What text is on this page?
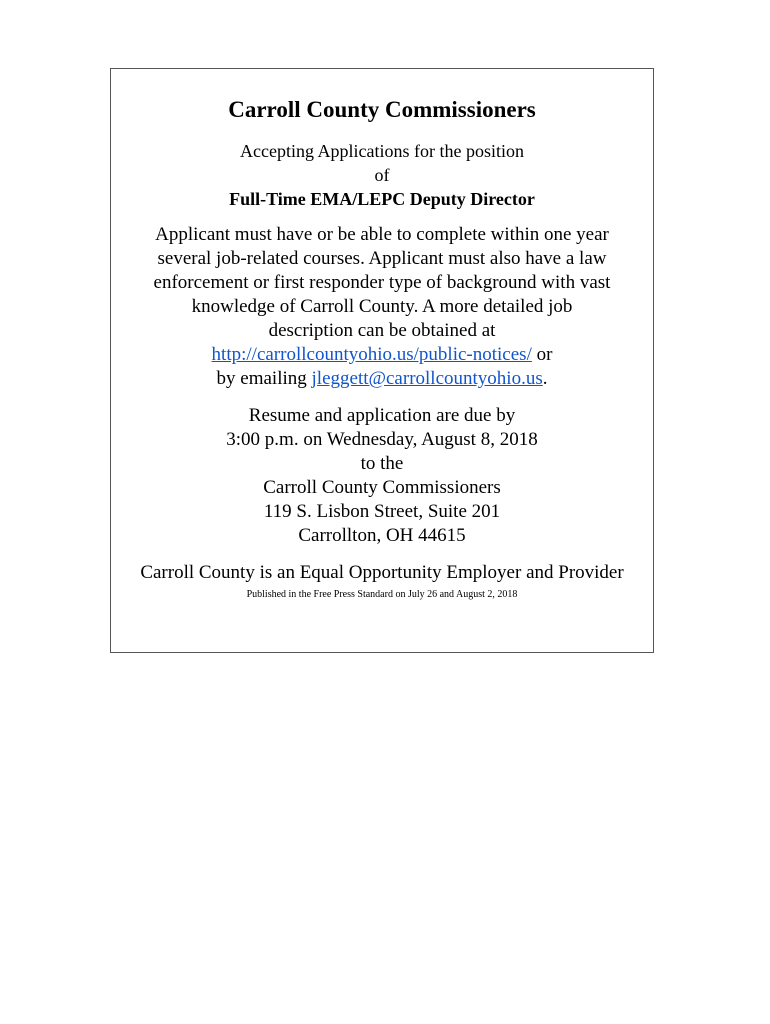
Carroll County Commissioners
Accepting Applications for the position
of
Full-Time EMA/LEPC Deputy Director
Applicant must have or be able to complete within one year
several job-related courses. Applicant must also have a law
enforcement or first responder type of background with vast
knowledge of Carroll County. A more detailed job
description can be obtained at
http://carrollcountyohio.us/public-notices/ or
by emailing jleggett@carrollcountyohio.us.
Resume and application are due by
3:00 p.m. on Wednesday, August 8, 2018
to the
Carroll County Commissioners
119 S. Lisbon Street, Suite 201
Carrollton, OH 44615
Carroll County is an Equal Opportunity Employer and Provider
Published in the Free Press Standard on July 26 and August 2, 2018
